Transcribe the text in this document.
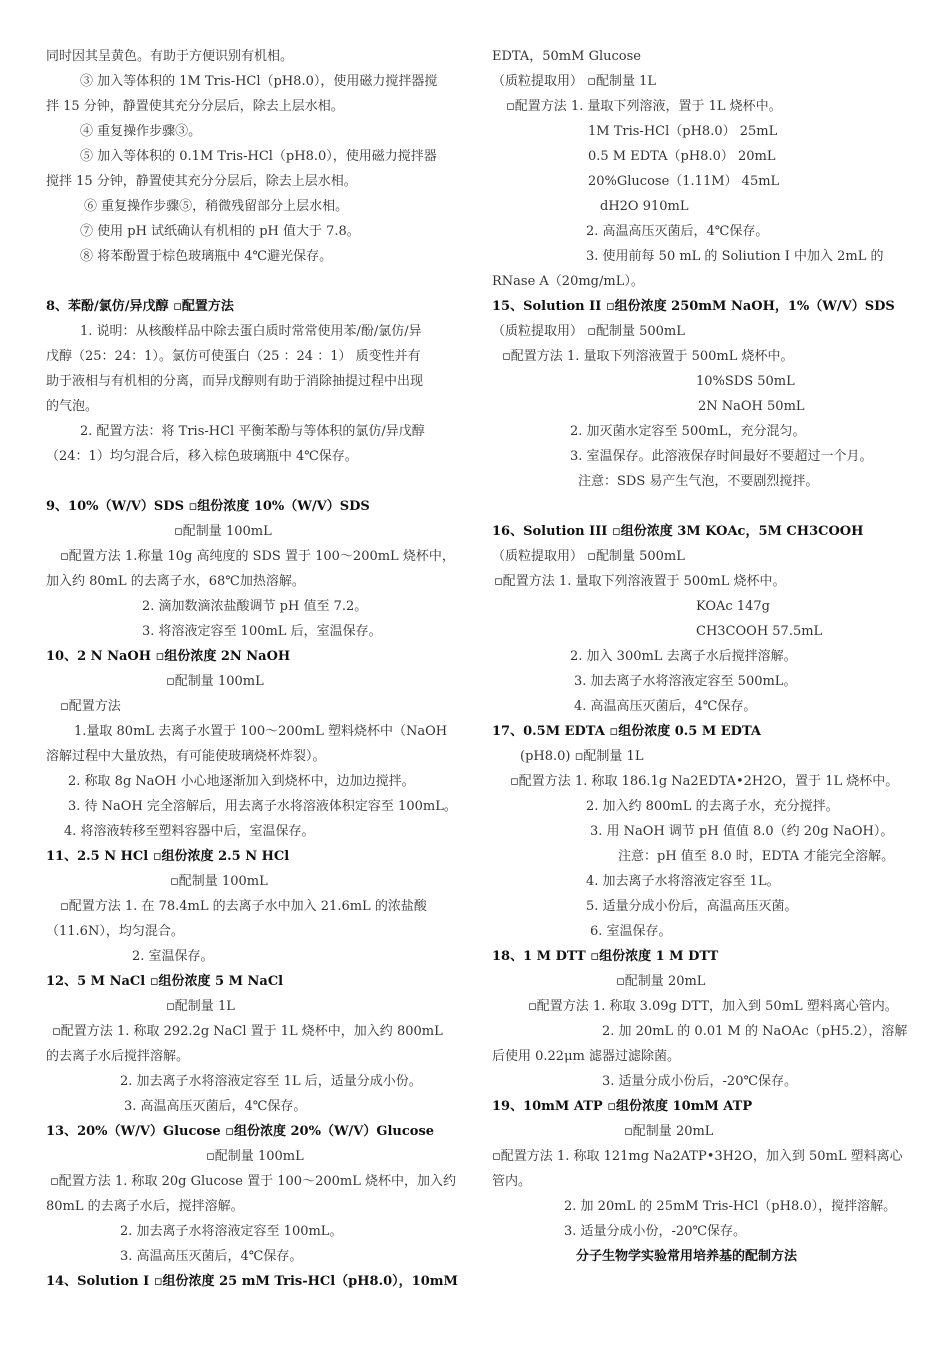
同时因其呈黄色。有助于方便识别有机相。
③ 加入等体积的 1M Tris-HCl（pH8.0），使用磁力搅拌器搅
拌 15 分钟，静置使其充分分层后，除去上层水相。
④ 重复操作步骤③。
⑤ 加入等体积的 0.1M Tris-HCl（pH8.0），使用磁力搅拌器
搅拌 15 分钟，静置使其充分分层后，除去上层水相。
⑥ 重复操作步骤⑤，稍微残留部分上层水相。
⑦ 使用 pH 试纸确认有机相的 pH 值大于 7.8。
⑧ 将苯酚置于棕色玻璃瓶中 4℃避光保存。
8、苯酚/氯仿/异戊醇 ▫配置方法
1. 说明：从核酸样品中除去蛋白质时常常使用苯/酚/氯仿/异
戊醇（25：24：1）。氯仿可使蛋白（25 ：24 ：1） 质变性并有
助于液相与有机相的分离，而异戊醇则有助于消除抽提过程中出现
的气泡。
2. 配置方法：将 Tris-HCl 平衡苯酚与等体积的氯仿/异戊醇
（24：1）均匀混合后，移入棕色玻璃瓶中 4℃保存。
9、10%（W/V）SDS ▫组份浓度 10%（W/V）SDS
▫配制量 100mL
▫配置方法 1.称量 10g 高纯度的 SDS 置于 100～200mL 烧杯中，
加入约 80mL 的去离子水，68℃加热溶解。
2. 滴加数滴浓盐酸调节 pH 值至 7.2。
3. 将溶液定容至 100mL 后，室温保存。
10、2 N NaOH ▫组份浓度 2N NaOH
▫配制量 100mL
▫配置方法
1.量取 80mL 去离子水置于 100～200mL 塑料烧杯中（NaOH
溶解过程中大量放热，有可能使玻璃烧杯炸裂）。
2. 称取 8g NaOH 小心地逐渐加入到烧杯中，边加边搅拌。
3. 待 NaOH 完全溶解后，用去离子水将溶液体积定容至 100mL。
4. 将溶液转移至塑料容器中后，室温保存。
11、2.5 N HCl ▫组份浓度 2.5 N HCl
▫配制量 100mL
▫配置方法 1. 在 78.4mL 的去离子水中加入 21.6mL 的浓盐酸
（11.6N），均匀混合。
2. 室温保存。
12、5 M NaCl ▫组份浓度 5 M NaCl
▫配制量 1L
▫配置方法 1. 称取 292.2g NaCl 置于 1L 烧杯中，加入约 800mL
的去离子水后搅拌溶解。
2. 加去离子水将溶液定容至 1L 后，适量分成小份。
3. 高温高压灭菌后，4℃保存。
13、20%（W/V）Glucose ▫组份浓度 20%（W/V）Glucose
▫配制量 100mL
▫配置方法 1. 称取 20g Glucose 置于 100～200mL 烧杯中，加入约
80mL 的去离子水后，搅拌溶解。
2. 加去离子水将溶液定容至 100mL。
3. 高温高压灭菌后，4℃保存。
14、Solution I ▫组份浓度 25 mM Tris-HCl（pH8.0），10mM
EDTA，50mM Glucose
（质粒提取用） ▫配制量 1L
▫配置方法 1. 量取下列溶液，置于 1L 烧杯中。
1M Tris-HCl（pH8.0） 25mL
0.5 M EDTA（pH8.0） 20mL
20%Glucose（1.11M） 45mL
dH2O 910mL
2. 高温高压灭菌后，4℃保存。
3. 使用前每 50 mL 的 Soliution I 中加入 2mL 的
RNase A（20mg/mL）。
15、Solution II ▫组份浓度 250mM NaOH，1%（W/V）SDS
（质粒提取用） ▫配制量 500mL
▫配置方法 1. 量取下列溶液置于 500mL 烧杯中。
10%SDS 50mL
2N NaOH 50mL
2. 加灭菌水定容至 500mL，充分混匀。
3. 室温保存。此溶液保存时间最好不要超过一个月。
注意：SDS 易产生气泡，不要剧烈搅拌。
16、Solution III ▫组份浓度 3M KOAc，5M CH3COOH
（质粒提取用） ▫配制量 500mL
▫配置方法 1. 量取下列溶液置于 500mL 烧杯中。
KOAc 147g
CH3COOH 57.5mL
2. 加入 300mL 去离子水后搅拌溶解。
3. 加去离子水将溶液定容至 500mL。
4. 高温高压灭菌后，4℃保存。
17、0.5M EDTA ▫组份浓度 0.5 M EDTA
(pH8.0) ▫配制量 1L
▫配置方法 1. 称取 186.1g Na2EDTA•2H2O，置于 1L 烧杯中。
2. 加入约 800mL 的去离子水，充分搅拌。
3. 用 NaOH 调节 pH 值值 8.0（约 20g NaOH）。
注意：pH 值至 8.0 时，EDTA 才能完全溶解。
4. 加去离子水将溶液定容至 1L。
5. 适量分成小份后，高温高压灭菌。
6. 室温保存。
18、1 M DTT ▫组份浓度 1 M DTT
▫配制量 20mL
▫配置方法 1. 称取 3.09g DTT，加入到 50mL 塑料离心管内。
2. 加 20mL 的 0.01 M 的 NaOAc（pH5.2），溶解
后使用 0.22μm 滤器过滤除菌。
3. 适量分成小份后，-20℃保存。
19、10mM ATP ▫组份浓度 10mM ATP
▫配制量 20mL
▫配置方法 1. 称取 121mg Na2ATP•3H2O，加入到 50mL 塑料离心
管内。
2. 加 20mL 的 25mM Tris-HCl（pH8.0），搅拌溶解。
3. 适量分成小份，-20℃保存。
分子生物学实验常用培养基的配制方法
